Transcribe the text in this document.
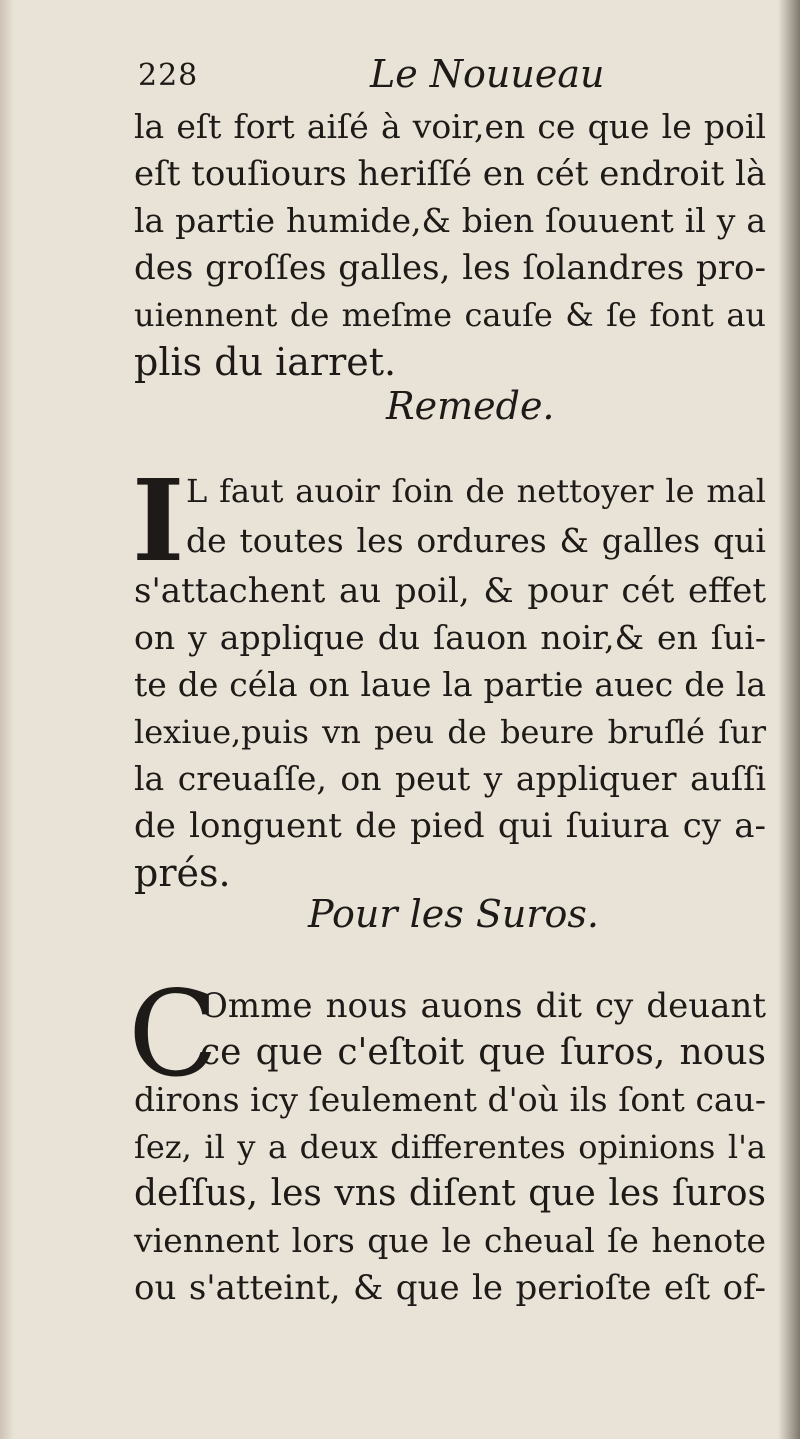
228	Le Nouueau
la eſt fort aiſé à voir,en ce que le poil
eſt touſiours heriſſé en cét endroit là
la partie humide,& bien ſouuent il y a
des groſſes galles, les ſolandres pro-
uiennent de meſme cauſe & ſe font au
plis du iarret.
Remede.
I L faut auoir ſoin de nettoyer le mal
de toutes les ordures & galles qui
s'attachent au poil, & pour cét effet
on y applique du ſauon noir,& en ſui-
te de céla on laue la partie auec de la
lexiue,puis vn peu de beure bruſlé ſur
la creuaſſe, on peut y appliquer auſſi
de longuent de pied qui ſuiura cy a-
prés.
Pour les Suros.
C
Omme nous auons dit cy deuant
ce que c'eſtoit que ſuros, nous
dirons icy ſeulement d'où ils ſont cau-
ſez, il y a deux differentes opinions l'a
deſſus, les vns diſent que les ſuros
viennent lors que le cheual ſe henote
ou s'atteint, & que le perioſte eſt of-
